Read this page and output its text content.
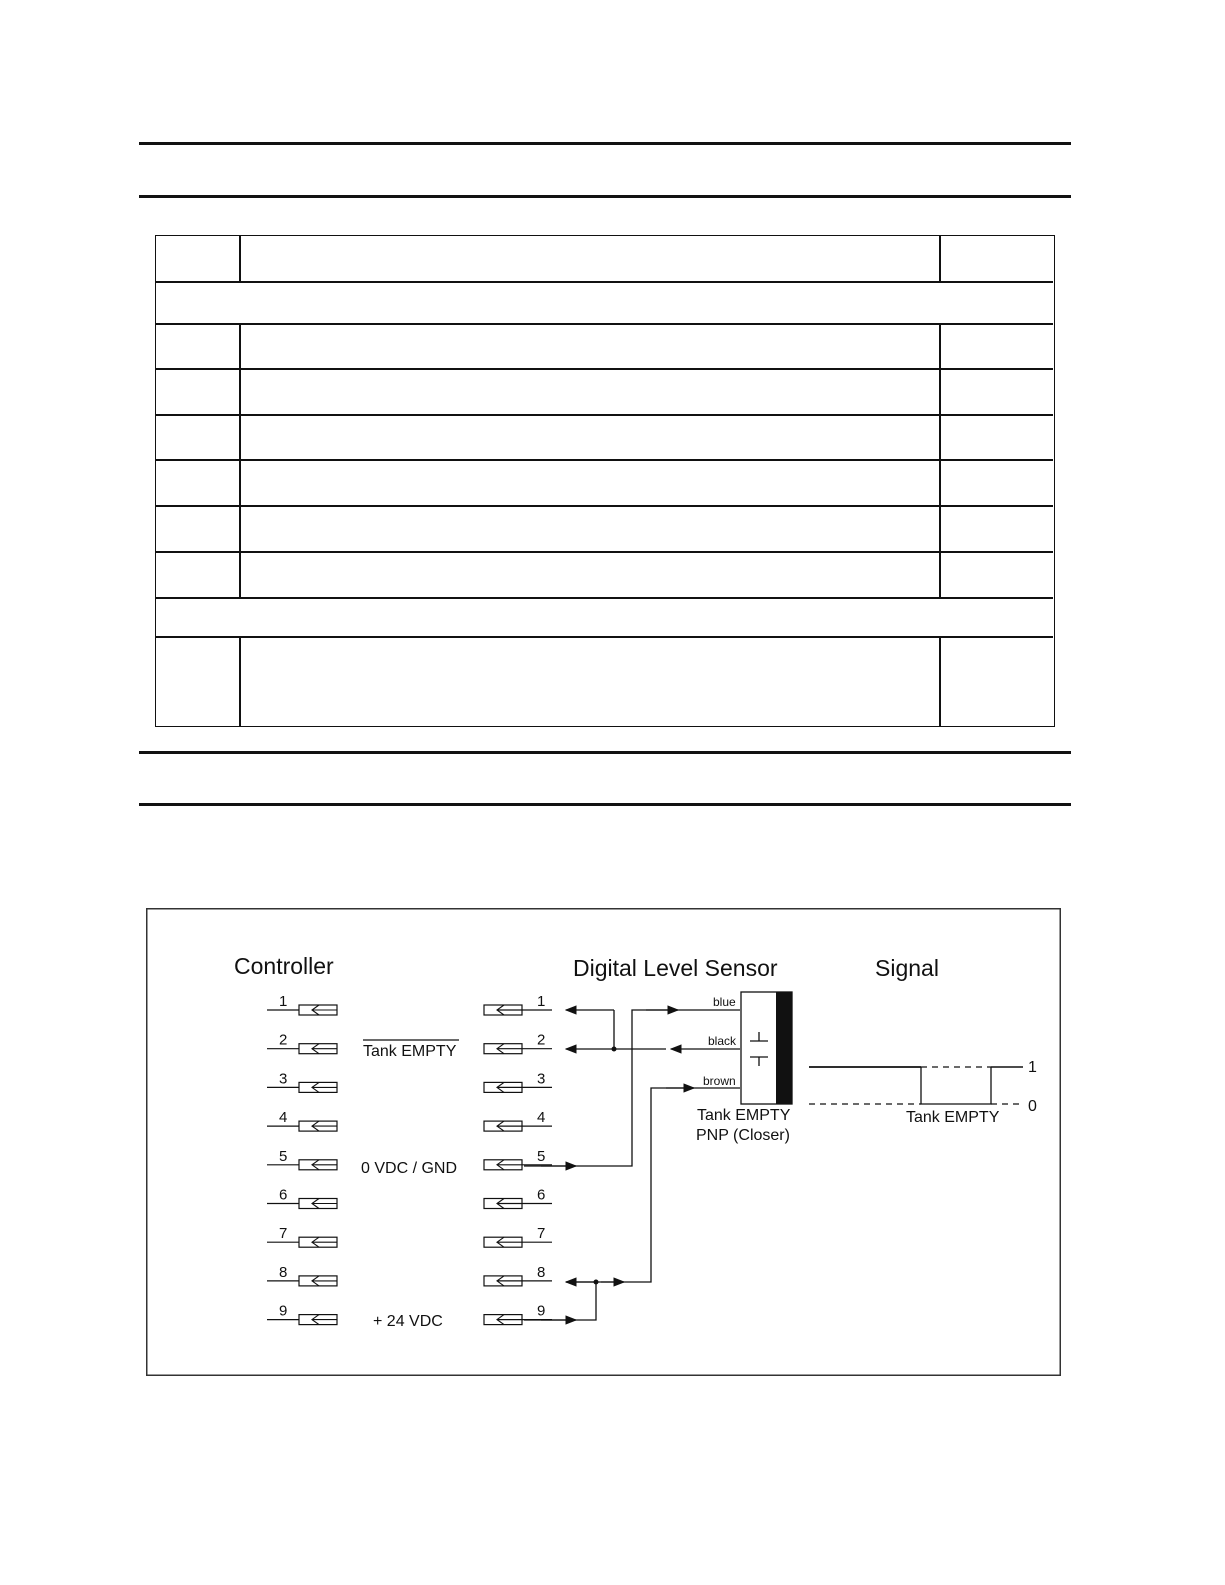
Controller	Digital Level Sensor	Signal
1
2
3
4
5
6
7
8
9
1
2
3
4
5
6
7
8
9
Tank EMPTY
0 VDC / GND
+ 24 VDC
blue
black
brown
Tank EMPTY
PNP (Closer)
1
0
Tank EMPTY
